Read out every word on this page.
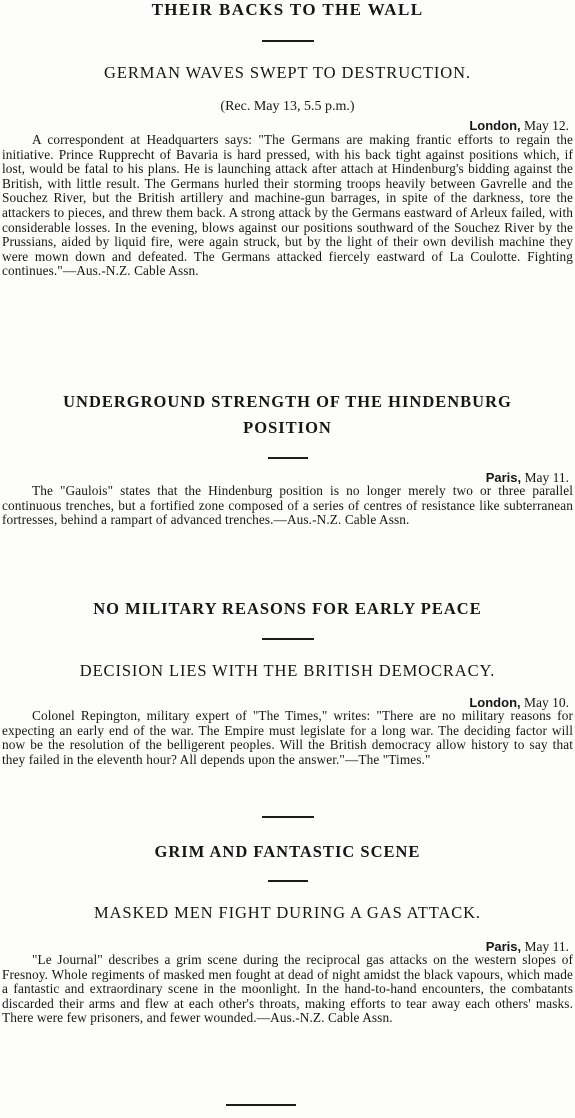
THEIR BACKS TO THE WALL
GERMAN WAVES SWEPT TO DESTRUCTION.
(Rec. May 13, 5.5 p.m.)
London, May 12.

A correspondent at Headquarters says: "The Germans are making frantic efforts to regain the initiative. Prince Rupprecht of Bavaria is hard pressed, with his back tight against positions which, if lost, would be fatal to his plans. He is launching attack after attach at Hindenburg's bidding against the British, with little result. The Germans hurled their storming troops heavily between Gavrelle and the Souchez River, but the British artillery and machine-gun barrages, in spite of the darkness, tore the attackers to pieces, and threw them back. A strong attack by the Germans eastward of Arleux failed, with considerable losses. In the evening, blows against our positions southward of the Souchez River by the Prussians, aided by liquid fire, were again struck, but by the light of their own devilish machine they were mown down and defeated. The Germans attacked fiercely eastward of La Coulotte. Fighting continues."—Aus.-N.Z. Cable Assn.

UNDERGROUND STRENGTH OF THE HINDENBURG
POSITION
Paris, May 11.

The "Gaulois" states that the Hindenburg position is no longer merely two or three parallel continuous trenches, but a fortified zone composed of a series of centres of resistance like subterranean fortresses, behind a rampart of advanced trenches.—Aus.-N.Z. Cable Assn.

NO MILITARY REASONS FOR EARLY PEACE
DECISION LIES WITH THE BRITISH DEMOCRACY.
London, May 10.

Colonel Repington, military expert of "The Times," writes: "There are no military reasons for expecting an early end of the war. The Empire must legislate for a long war. The deciding factor will now be the resolution of the belligerent peoples. Will the British democracy allow history to say that they failed in the eleventh hour? All depends upon the answer."—The "Times."

GRIM AND FANTASTIC SCENE
MASKED MEN FIGHT DURING A GAS ATTACK.
Paris, May 11.

"Le Journal" describes a grim scene during the reciprocal gas attacks on the western slopes of Fresnoy. Whole regiments of masked men fought at dead of night amidst the black vapours, which made a fantastic and extraordinary scene in the moonlight. In the hand-to-hand encounters, the combatants discarded their arms and flew at each other's throats, making efforts to tear away each others' masks. There were few prisoners, and fewer wounded.—Aus.-N.Z. Cable Assn.
